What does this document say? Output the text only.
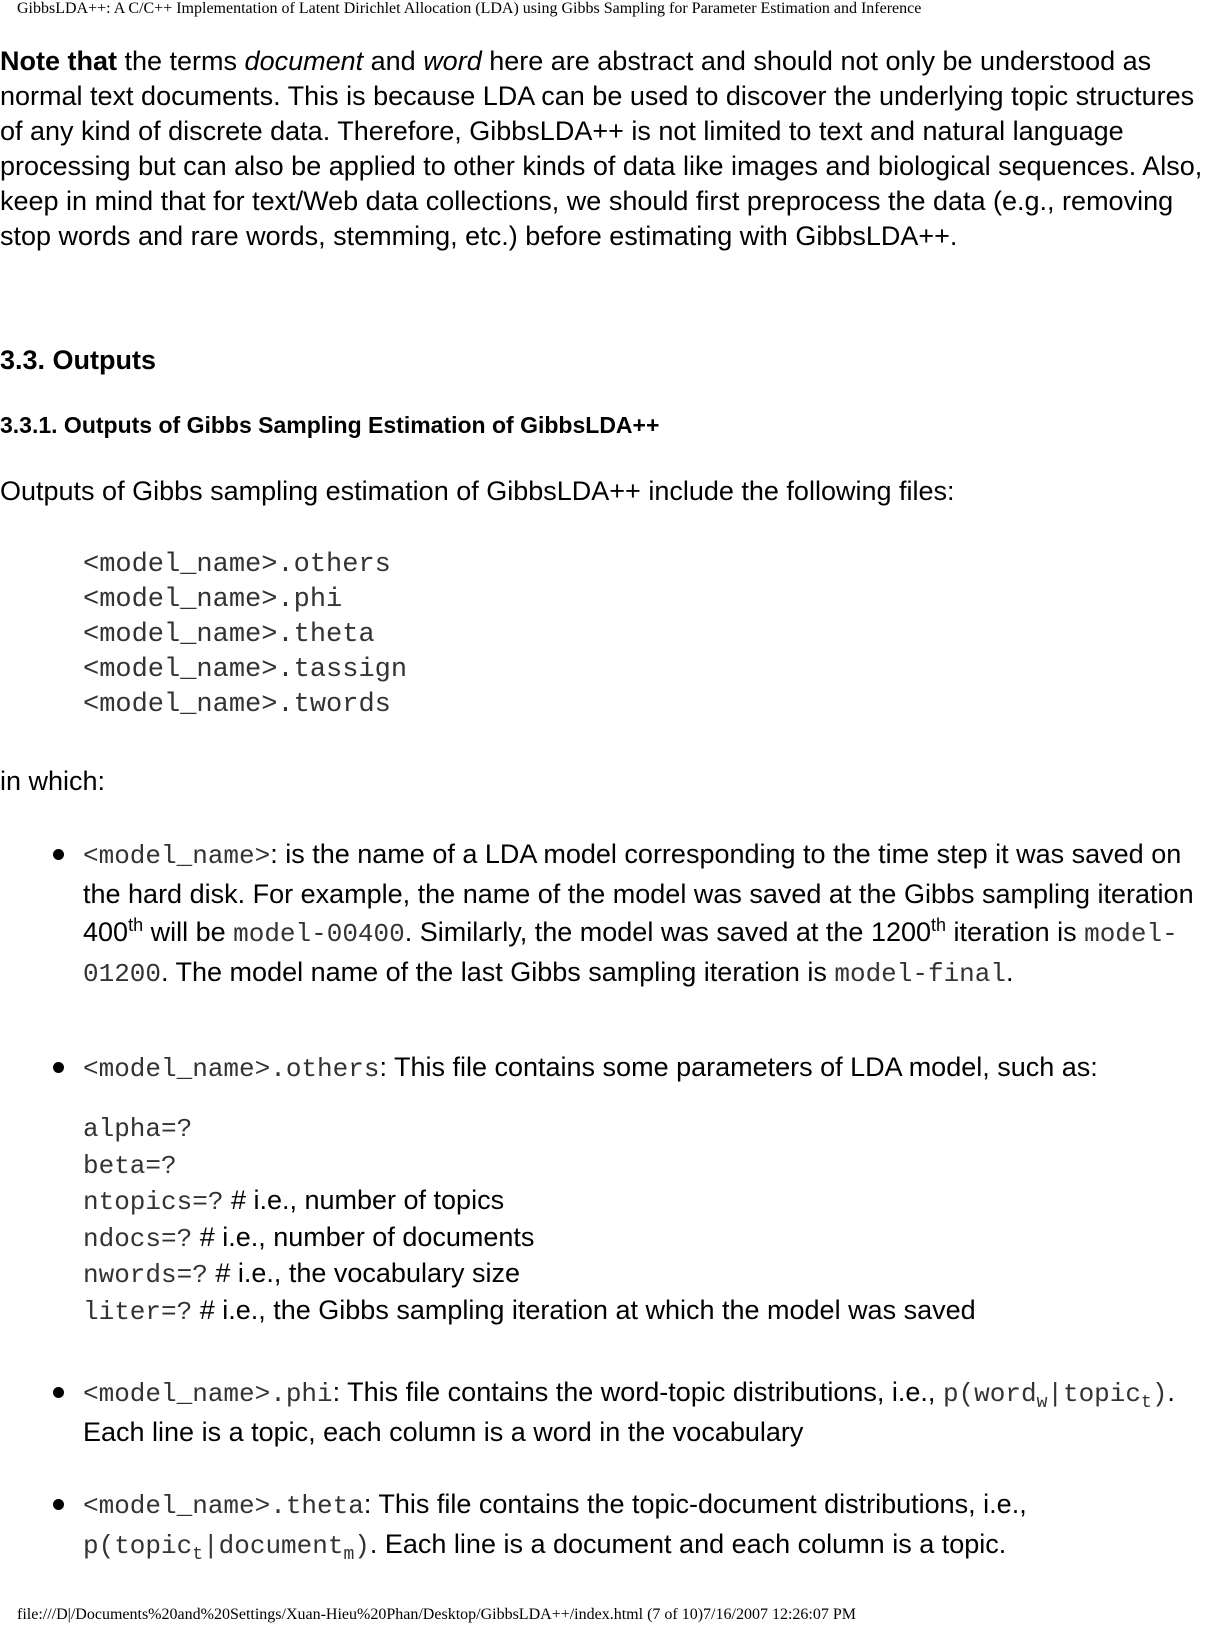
GibbsLDA++: A C/C++ Implementation of Latent Dirichlet Allocation (LDA) using Gibbs Sampling for Parameter Estimation and Inference

Note that the terms document and word here are abstract and should not only be understood as normal text documents. This is because LDA can be used to discover the underlying topic structures of any kind of discrete data. Therefore, GibbsLDA++ is not limited to text and natural language processing but can also be applied to other kinds of data like images and biological sequences. Also, keep in mind that for text/Web data collections, we should first preprocess the data (e.g., removing stop words and rare words, stemming, etc.) before estimating with GibbsLDA++.

3.3. Outputs
3.3.1. Outputs of Gibbs Sampling Estimation of GibbsLDA++

Outputs of Gibbs sampling estimation of GibbsLDA++ include the following files:

<model_name>.others
<model_name>.phi
<model_name>.theta
<model_name>.tassign
<model_name>.twords

in which:

<model_name>: is the name of a LDA model corresponding to the time step it was saved on the hard disk. For example, the name of the model was saved at the Gibbs sampling iteration 400th will be model-00400. Similarly, the model was saved at the 1200th iteration is model-01200. The model name of the last Gibbs sampling iteration is model-final.
<model_name>.others: This file contains some parameters of LDA model, such as:
alpha=?
beta=?
ntopics=? # i.e., number of topics
ndocs=? # i.e., number of documents
nwords=? # i.e., the vocabulary size
liter=? # i.e., the Gibbs sampling iteration at which the model was saved
<model_name>.phi: This file contains the word-topic distributions, i.e., p(word$_w$|topic$_t$). Each line is a topic, each column is a word in the vocabulary
<model_name>.theta: This file contains the topic-document distributions, i.e., p(topic$_t$|document$_m$). Each line is a document and each column is a topic.
file:///D|/Documents%20and%20Settings/Xuan-Hieu%20Phan/Desktop/GibbsLDA++/index.html (7 of 10)7/16/2007 12:26:07 PM
